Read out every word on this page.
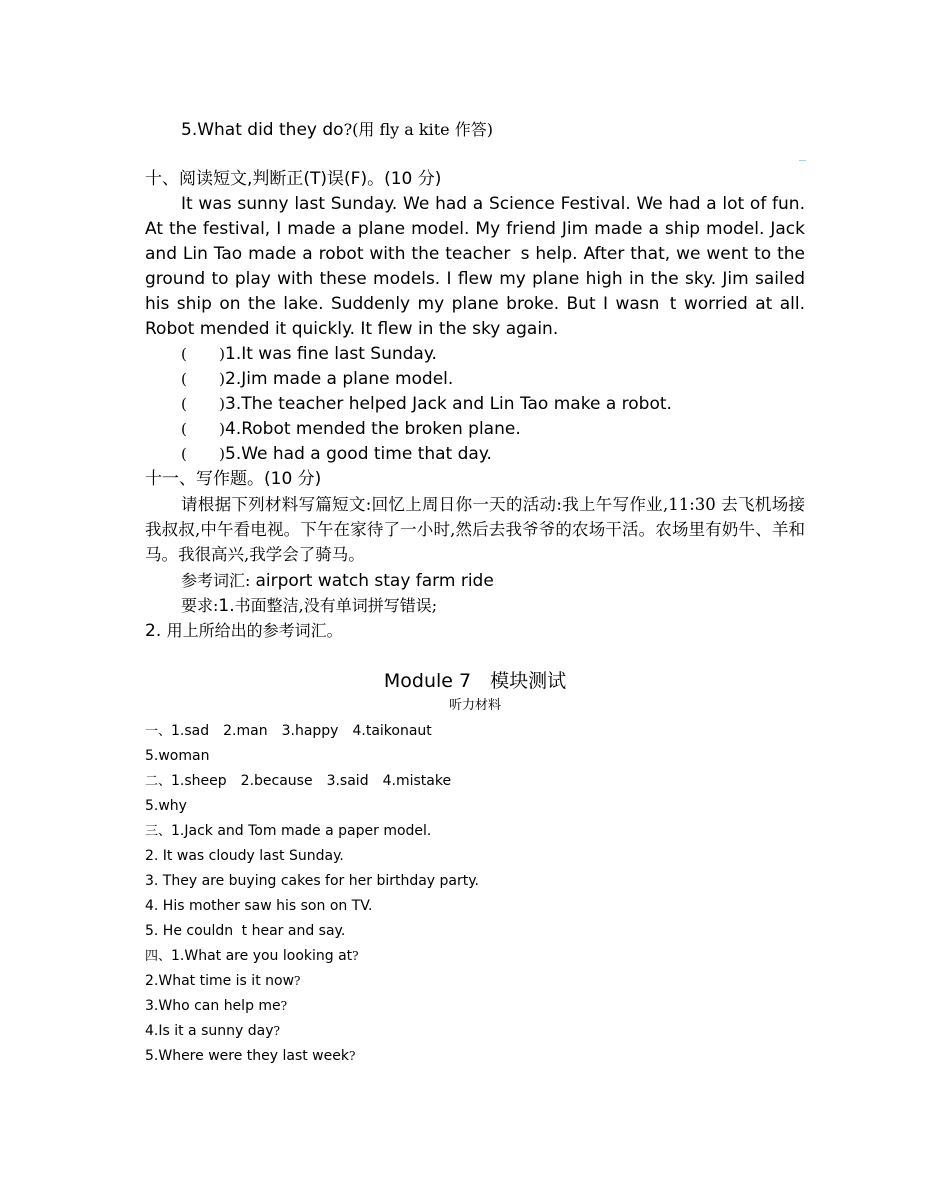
5.What did they do?(用 fly a kite 作答)
十、阅读短文,判断正(T)误(F)。(10 分)

It was sunny last Sunday. We had a Science Festival. We had a lot of fun. At the festival, I made a plane model. My friend Jim made a ship model. Jack and Lin Tao made a robot with the teachers help. After that, we went to the ground to play with these models. I flew my plane high in the sky. Jim sailed his ship on the lake. Suddenly my plane broke. But I wasnt worried at all. Robot mended it quickly. It flew in the sky again.

( ) 1.It was fine last Sunday.
( ) 2.Jim made a plane model.
( ) 3.The teacher helped Jack and Lin Tao make a robot.
( ) 4.Robot mended the broken plane.
( ) 5.We had a good time that day.
十一、写作题。(10 分)

请根据下列材料写篇短文:回忆上周日你一天的活动:我上午写作业,11:30 去飞机场接我叔叔,中午看电视。下午在家待了一小时,然后去我爷爷的农场干活。农场里有奶牛、羊和马。我很高兴,我学会了骑马。

参考词汇: airport watch stay farm ride
要求:1.书面整洁,没有单词拼写错误;
2. 用上所给出的参考词汇。
Module 7　模块测试
听力材料
一、1.sad 2.man 3.happy 4.taikonaut
5.woman
二、1.sheep 2.because 3.said 4.mistake
5.why
三、1.Jack and Tom made a paper model.
2. It was cloudy last Sunday.
3. They are buying cakes for her birthday party.
4. His mother saw his son on TV.
5. He couldnt hear and say.
四、1.What are you looking at?
2.What time is it now?
3.Who can help me?
4.Is it a sunny day?
5.Where were they last week?
